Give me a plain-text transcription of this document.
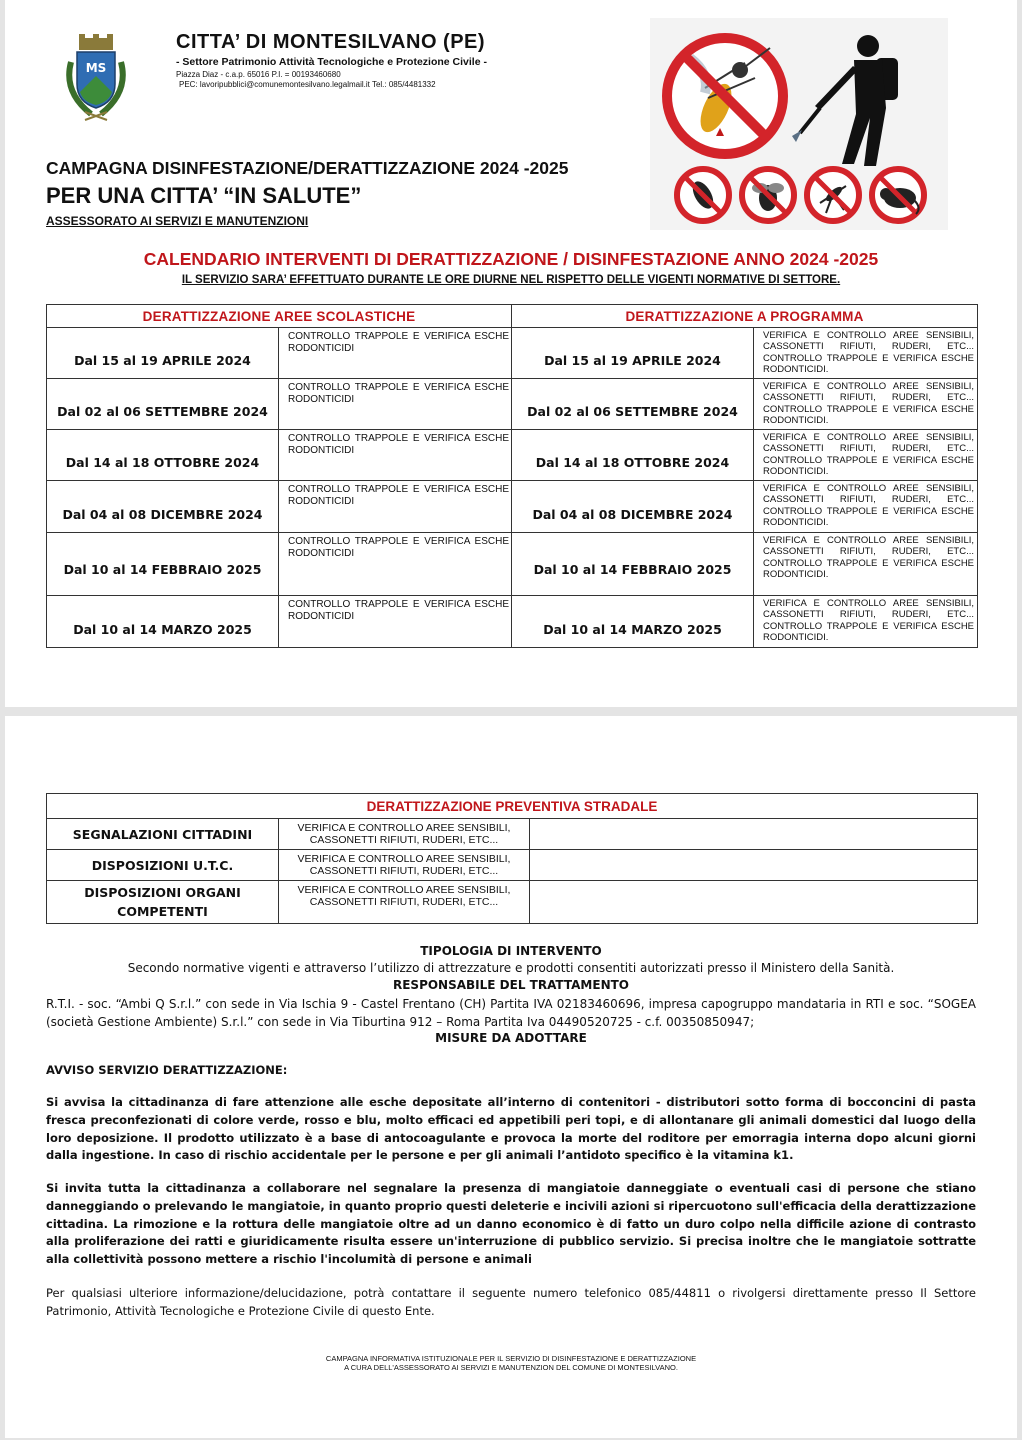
MS
CITTA’ DI MONTESILVANO (PE)
- Settore Patrimonio Attività Tecnologiche e Protezione Civile -
Piazza Diaz - c.a.p. 65016 P.I. = 00193460680
PEC: lavoripubblici@comunemontesilvano.legalmail.it Tel.: 085/4481332
CAMPAGNA DISINFESTAZIONE/DERATTIZZAZIONE 2024 -2025
PER UNA CITTA’ “IN SALUTE”
ASSESSORATO AI SERVIZI E MANUTENZIONI
CALENDARIO INTERVENTI DI DERATTIZZAZIONE / DISINFESTAZIONE ANNO 2024 -2025
IL SERVIZIO SARA’ EFFETTUATO DURANTE LE ORE DIURNE NEL RISPETTO DELLE VIGENTI NORMATIVE DI SETTORE.
DERATTIZZAZIONE AREE SCOLASTICHE		DERATTIZZAZIONE A PROGRAMMA	
Dal 15 al 19 APRILE 2024	CONTROLLO TRAPPOLE E VERIFICA ESCHE RODONTICIDI	Dal 15 al 19 APRILE 2024	VERIFICA E CONTROLLO AREE SENSIBILI, CASSONETTI RIFIUTI, RUDERI, ETC... CONTROLLO TRAPPOLE E VERIFICA ESCHE RODONTICIDI.
Dal 02 al 06 SETTEMBRE 2024	CONTROLLO TRAPPOLE E VERIFICA ESCHE RODONTICIDI	Dal 02 al 06 SETTEMBRE 2024	VERIFICA E CONTROLLO AREE SENSIBILI, CASSONETTI RIFIUTI, RUDERI, ETC... CONTROLLO TRAPPOLE E VERIFICA ESCHE RODONTICIDI.
Dal 14 al 18 OTTOBRE 2024	CONTROLLO TRAPPOLE E VERIFICA ESCHE RODONTICIDI	Dal 14 al 18 OTTOBRE 2024	VERIFICA E CONTROLLO AREE SENSIBILI, CASSONETTI RIFIUTI, RUDERI, ETC... CONTROLLO TRAPPOLE E VERIFICA ESCHE RODONTICIDI.
Dal 04 al 08 DICEMBRE 2024	CONTROLLO TRAPPOLE E VERIFICA ESCHE RODONTICIDI	Dal 04 al 08 DICEMBRE 2024	VERIFICA E CONTROLLO AREE SENSIBILI, CASSONETTI RIFIUTI, RUDERI, ETC... CONTROLLO TRAPPOLE E VERIFICA ESCHE RODONTICIDI.
Dal 10 al 14 FEBBRAIO 2025	CONTROLLO TRAPPOLE E VERIFICA ESCHE RODONTICIDI	Dal 10 al 14 FEBBRAIO 2025	VERIFICA E CONTROLLO AREE SENSIBILI, CASSONETTI RIFIUTI, RUDERI, ETC... CONTROLLO TRAPPOLE E VERIFICA ESCHE RODONTICIDI.
Dal 10 al 14 MARZO 2025	CONTROLLO TRAPPOLE E VERIFICA ESCHE RODONTICIDI	Dal 10 al 14 MARZO 2025	VERIFICA E CONTROLLO AREE SENSIBILI, CASSONETTI RIFIUTI, RUDERI, ETC... CONTROLLO TRAPPOLE E VERIFICA ESCHE RODONTICIDI.
DERATTIZZAZIONE PREVENTIVA STRADALE		
SEGNALAZIONI CITTADINI	VERIFICA E CONTROLLO AREE SENSIBILI, CASSONETTI RIFIUTI, RUDERI, ETC...	
DISPOSIZIONI U.T.C.	VERIFICA E CONTROLLO AREE SENSIBILI, CASSONETTI RIFIUTI, RUDERI, ETC...	
DISPOSIZIONI ORGANI COMPETENTI	VERIFICA E CONTROLLO AREE SENSIBILI, CASSONETTI RIFIUTI, RUDERI, ETC...	
TIPOLOGIA DI INTERVENTO
Secondo normative vigenti e attraverso l’utilizzo di attrezzature e prodotti consentiti autorizzati presso il Ministero della Sanità.
RESPONSABILE DEL TRATTAMENTO
R.T.I. - soc. “Ambi Q S.r.l.” con sede in Via Ischia 9 - Castel Frentano (CH) Partita IVA 02183460696, impresa capogruppo mandataria in RTI e soc. “SOGEA (società Gestione Ambiente) S.r.l.” con sede in Via Tiburtina 912 – Roma Partita Iva 04490520725 - c.f. 00350850947;
MISURE DA ADOTTARE
AVVISO SERVIZIO DERATTIZZAZIONE:
Si avvisa la cittadinanza di fare attenzione alle esche depositate all’interno di contenitori - distributori sotto forma di bocconcini di pasta fresca preconfezionati di colore verde, rosso e blu, molto efficaci ed appetibili peri topi, e di allontanare gli animali domestici dal luogo della loro deposizione. Il prodotto utilizzato è a base di antocoagulante e provoca la morte del roditore per emorragia interna dopo alcuni giorni dalla ingestione. In caso di rischio accidentale per le persone e per gli animali l’antidoto specifico è la vitamina k1.
Si invita tutta la cittadinanza a collaborare nel segnalare la presenza di mangiatoie danneggiate o eventuali casi di persone che stiano danneggiando o prelevando le mangiatoie, in quanto proprio questi deleterie e incivili azioni si ripercuotono sull'efficacia della derattizzazione cittadina. La rimozione e la rottura delle mangiatoie oltre ad un danno economico è di fatto un duro colpo nella difficile azione di contrasto alla proliferazione dei ratti e giuridicamente risulta essere un'interruzione di pubblico servizio. Si precisa inoltre che le mangiatoie sottratte alla collettività possono mettere a rischio l'incolumità di persone e animali
Per qualsiasi ulteriore informazione/delucidazione, potrà contattare il seguente numero telefonico 085/44811 o rivolgersi direttamente presso Il Settore Patrimonio, Attività Tecnologiche e Protezione Civile di questo Ente.
CAMPAGNA INFORMATIVA ISTITUZIONALE PER IL SERVIZIO DI DISINFESTAZIONE E DERATTIZZAZIONE
A CURA DELL'ASSESSORATO AI SERVIZI E MANUTENZION DEL COMUNE DI MONTESILVANO.
